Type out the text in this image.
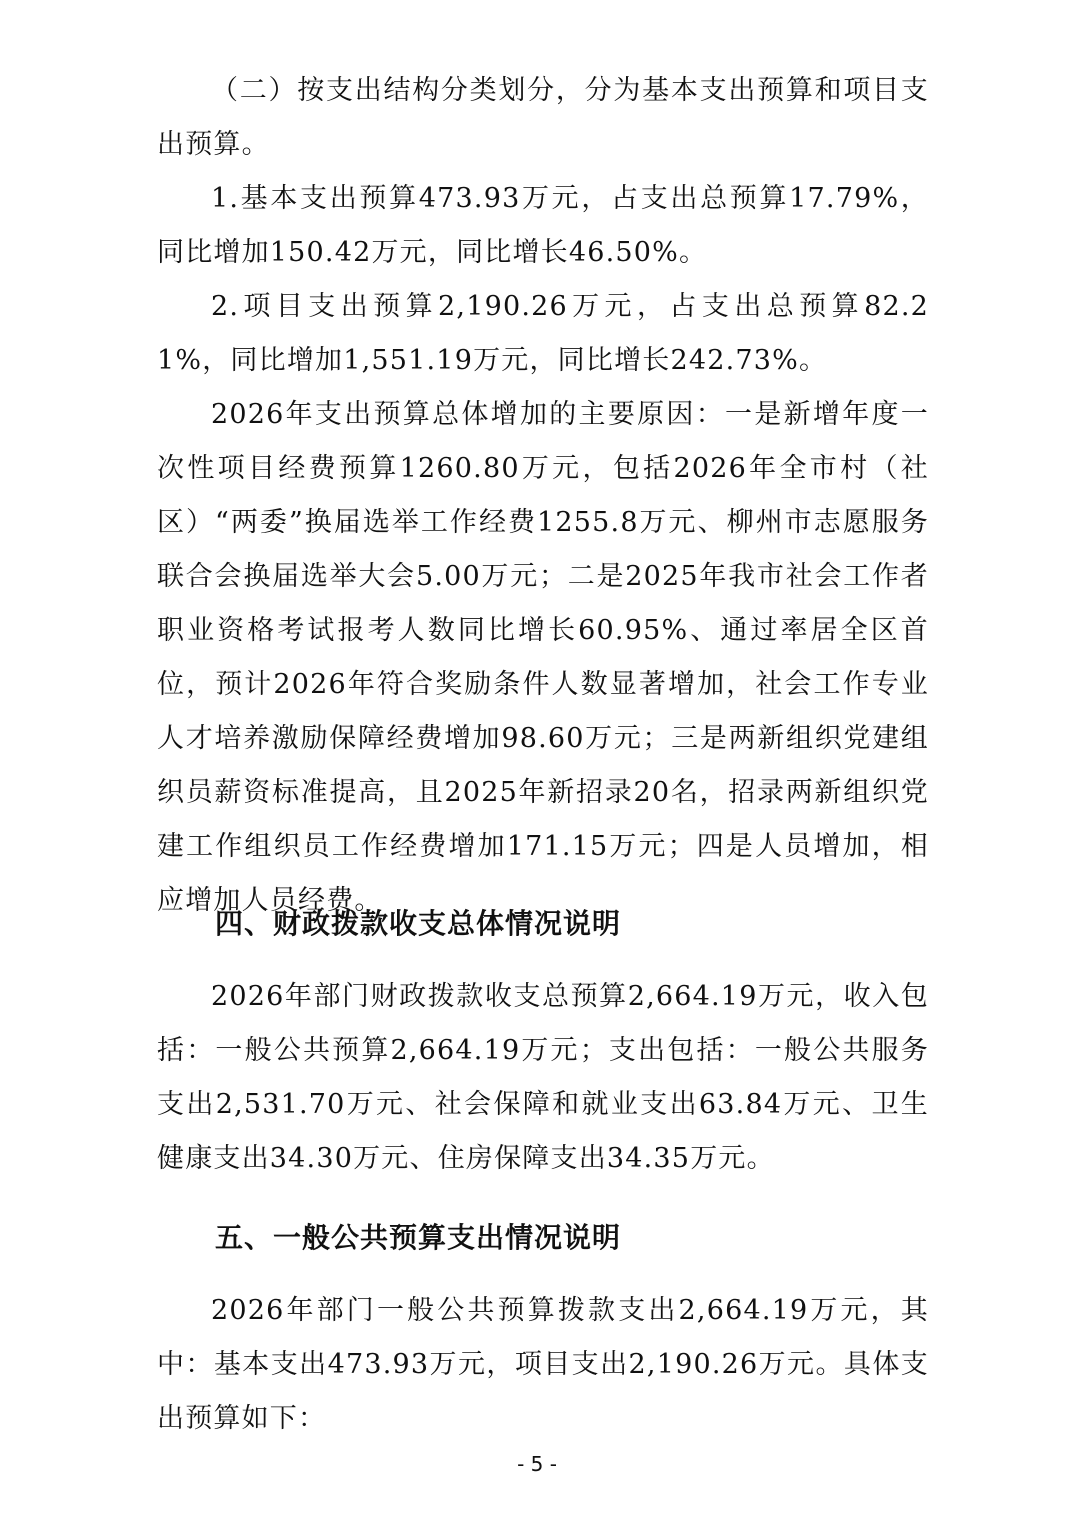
（二）按支出结构分类划分，分为基本支出预算和项目支出预算。

1.基本支出预算473.93万元，占支出总预算17.79%，同比增加150.42万元，同比增长46.50%。

2.项目支出预算2,190.26万元，占支出总预算82.21%，同比增加1,551.19万元，同比增长242.73%。

2026年支出预算总体增加的主要原因：一是新增年度一次性项目经费预算1260.80万元，包括2026年全市村（社区）“两委”换届选举工作经费1255.8万元、柳州市志愿服务联合会换届选举大会5.00万元；二是2025年我市社会工作者职业资格考试报考人数同比增长60.95%、通过率居全区首位，预计2026年符合奖励条件人数显著增加，社会工作专业人才培养激励保障经费增加98.60万元；三是两新组织党建组织员薪资标准提高，且2025年新招录20名，招录两新组织党建工作组织员工作经费增加171.15万元；四是人员增加，相应增加人员经费。

四、财政拨款收支总体情况说明

2026年部门财政拨款收支总预算2,664.19万元，收入包括：一般公共预算2,664.19万元；支出包括：一般公共服务支出2,531.70万元、社会保障和就业支出63.84万元、卫生健康支出34.30万元、住房保障支出34.35万元。

五、一般公共预算支出情况说明

2026年部门一般公共预算拨款支出2,664.19万元，其中：基本支出473.93万元，项目支出2,190.26万元。具体支出预算如下：

- 5 -
